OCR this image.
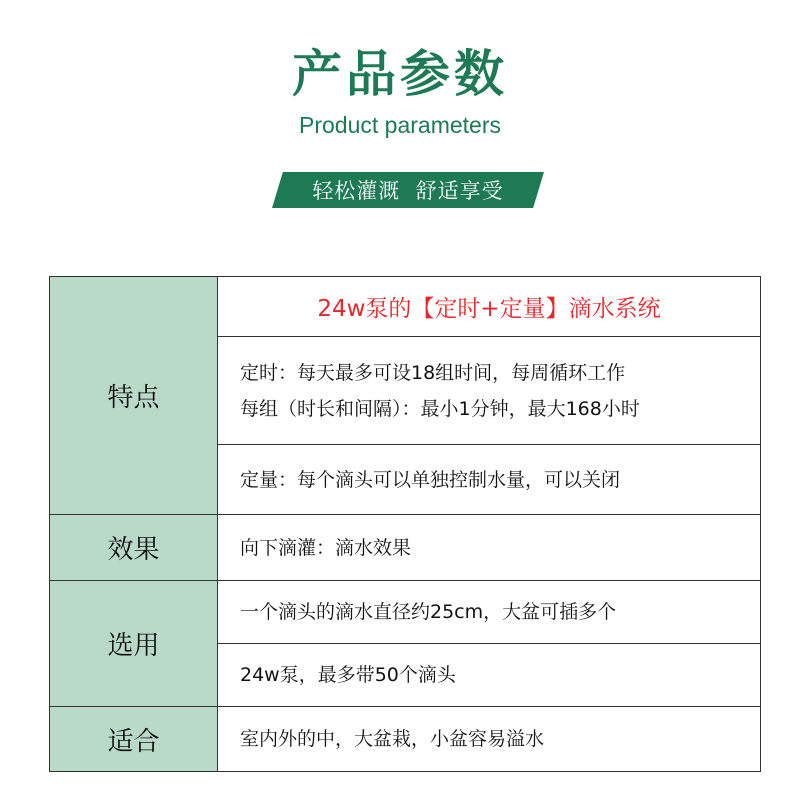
产品参数
Product parameters
轻松灌溉  舒适享受
特点	24w泵的【定时+定量】滴水系统

	定时：每天最多可设18组时间，每周循环工作
每组（时长和间隔）：最小1分钟，最大168小时

	定量：每个滴头可以单独控制水量，可以关闭

效果	向下滴灌：滴水效果

选用	一个滴头的滴水直径约25cm，大盆可插多个

	24w泵，最多带50个滴头

适合	室内外的中，大盆栽，小盆容易溢水
